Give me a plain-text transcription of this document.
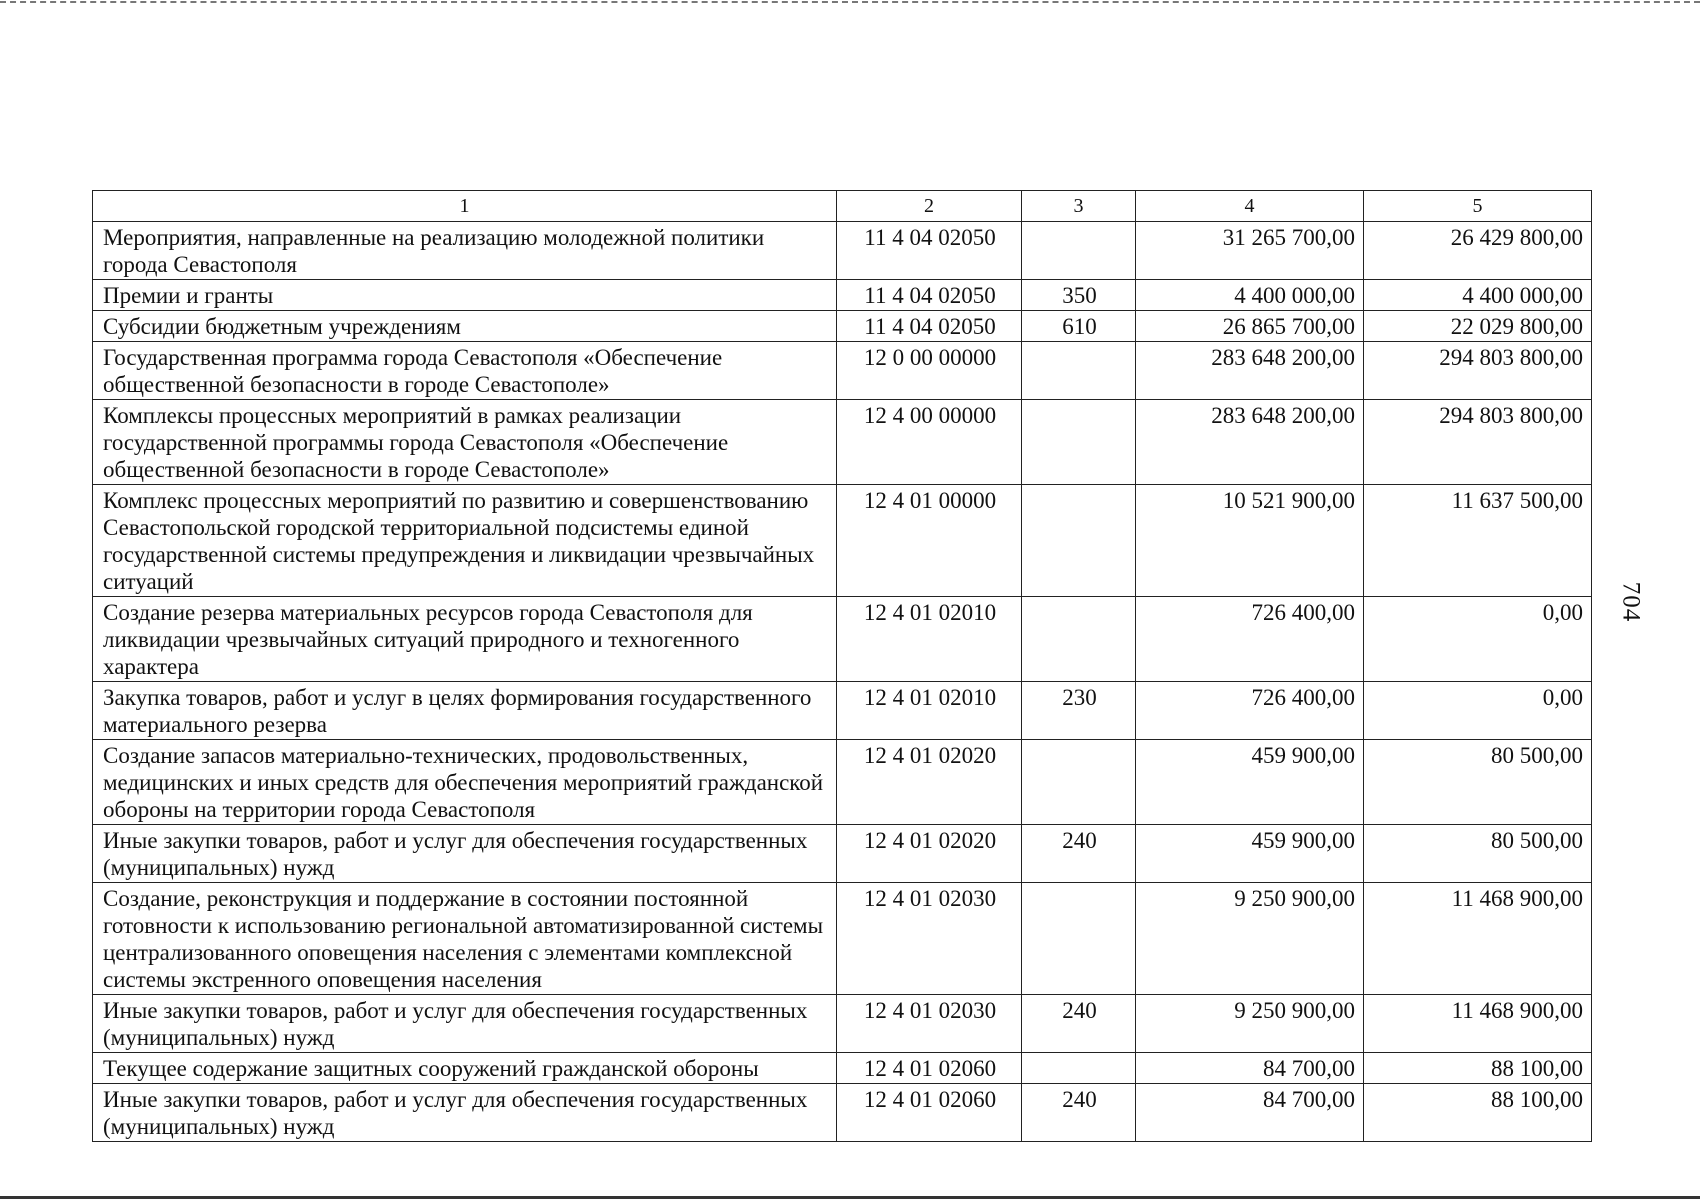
1	2	3	4	5
Мероприятия, направленные на реализацию молодежной политики города Севастополя	11 4 04 02050		31 265 700,00	26 429 800,00
Премии и гранты	11 4 04 02050	350	4 400 000,00	4 400 000,00
Субсидии бюджетным учреждениям	11 4 04 02050	610	26 865 700,00	22 029 800,00
Государственная программа города Севастополя «Обеспечение общественной безопасности в городе Севастополе»	12 0 00 00000		283 648 200,00	294 803 800,00
Комплексы процессных мероприятий в рамках реализации государственной программы города Севастополя «Обеспечение общественной безопасности в городе Севастополе»	12 4 00 00000		283 648 200,00	294 803 800,00
Комплекс процессных мероприятий по развитию и совершенствованию Севастопольской городской территориальной подсистемы единой государственной системы предупреждения и ликвидации чрезвычайных ситуаций	12 4 01 00000		10 521 900,00	11 637 500,00
Создание резерва материальных ресурсов города Севастополя для ликвидации чрезвычайных ситуаций природного и техногенного характера	12 4 01 02010		726 400,00	0,00
Закупка товаров, работ и услуг в целях формирования государственного материального резерва	12 4 01 02010	230	726 400,00	0,00
Создание запасов материально-технических, продовольственных, медицинских и иных средств для обеспечения мероприятий гражданской обороны на территории города Севастополя	12 4 01 02020		459 900,00	80 500,00
Иные закупки товаров, работ и услуг для обеспечения государственных (муниципальных) нужд	12 4 01 02020	240	459 900,00	80 500,00
Создание, реконструкция и поддержание в состоянии постоянной готовности к использованию региональной автоматизированной системы централизованного оповещения населения с элементами комплексной системы экстренного оповещения населения	12 4 01 02030		9 250 900,00	11 468 900,00
Иные закупки товаров, работ и услуг для обеспечения государственных (муниципальных) нужд	12 4 01 02030	240	9 250 900,00	11 468 900,00
Текущее содержание защитных сооружений гражданской обороны	12 4 01 02060		84 700,00	88 100,00
Иные закупки товаров, работ и услуг для обеспечения государственных (муниципальных) нужд	12 4 01 02060	240	84 700,00	88 100,00
704
